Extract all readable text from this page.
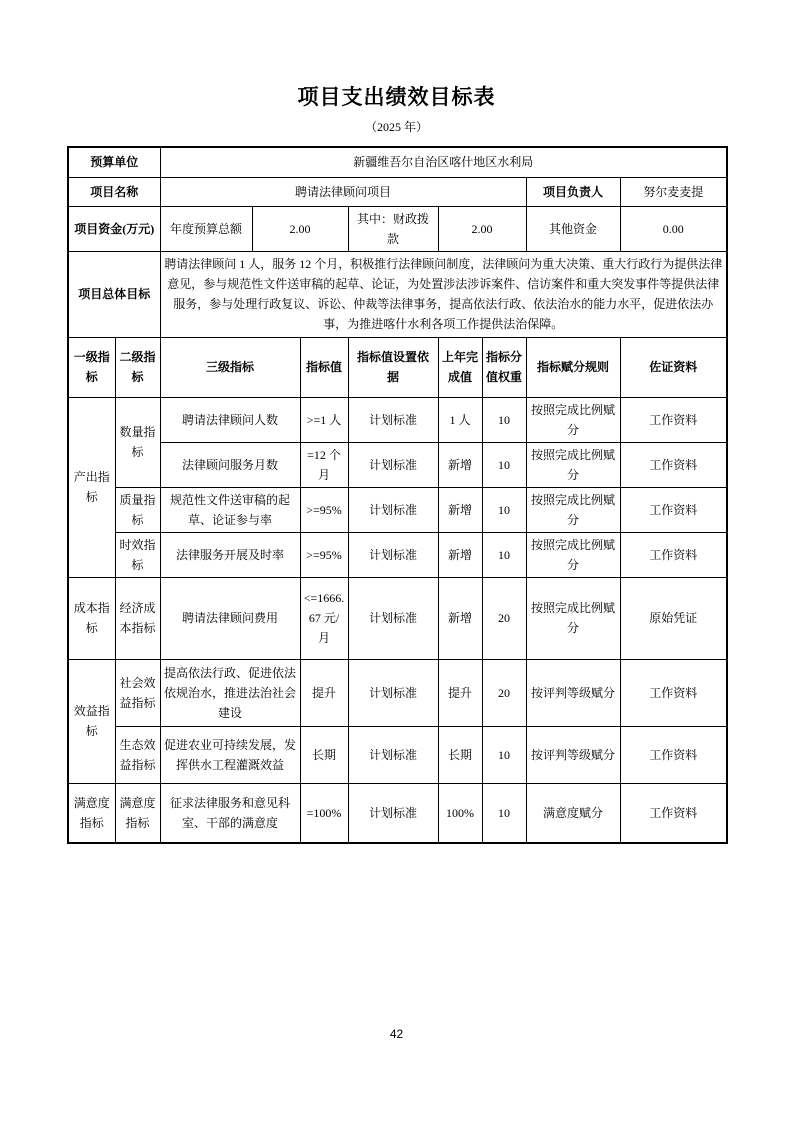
项目支出绩效目标表
（2025 年）
预算单位		新疆维吾尔自治区喀什地区水利局							
项目名称		聘请法律顾问项目						项目负责人	努尔麦麦提
项目资金(万元)		年度预算总额	2.00		其中：财政拨款	2.00		其他资金	0.00
项目总体目标		聘请法律顾问 1 人，服务 12 个月，积极推行法律顾问制度，法律顾问为重大决策、重大行政行为提供法律意见，参与规范性文件送审稿的起草、论证，为处置涉法涉诉案件、信访案件和重大突发事件等提供法律服务，参与处理行政复议、诉讼、仲裁等法律事务，提高依法行政、依法治水的能力水平，促进依法办事，为推进喀什水利各项工作提供法治保障。							
一级指标	二级指标	三级指标		指标值	指标值设置依据	上年完成值	指标分值权重	指标赋分规则	佐证资料
产出指标	数量指标	聘请法律顾问人数		>=1 人	计划标准	1 人	10	按照完成比例赋分	工作资料
		法律顾问服务月数		=12 个月	计划标准	新增	10	按照完成比例赋分	工作资料
	质量指标	规范性文件送审稿的起草、论证参与率		>=95%	计划标准	新增	10	按照完成比例赋分	工作资料
	时效指标	法律服务开展及时率		>=95%	计划标准	新增	10	按照完成比例赋分	工作资料
成本指标	经济成本指标	聘请法律顾问费用		<=1666.67 元/月	计划标准	新增	20	按照完成比例赋分	原始凭证
效益指标	社会效益指标	提高依法行政、促进依法依规治水，推进法治社会建设		提升	计划标准	提升	20	按评判等级赋分	工作资料
	生态效益指标	促进农业可持续发展，发挥供水工程灌溉效益		长期	计划标准	长期	10	按评判等级赋分	工作资料
满意度指标	满意度指标	征求法律服务和意见科室、干部的满意度		=100%	计划标准	100%	10	满意度赋分	工作资料
42
